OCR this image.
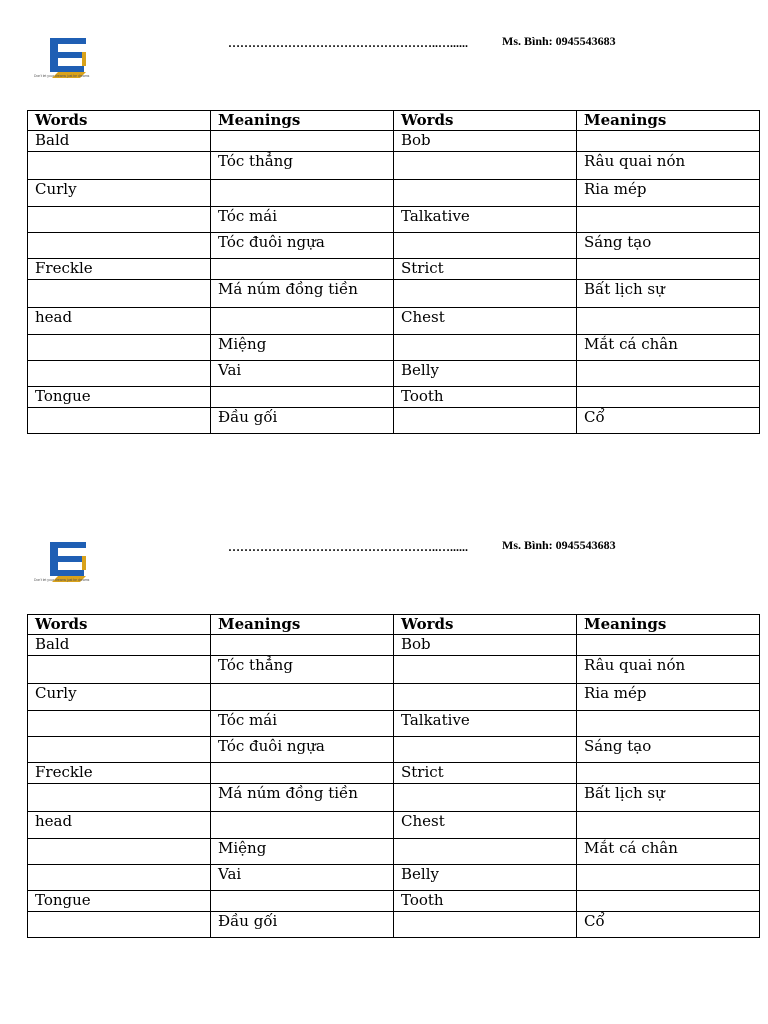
Don't let your dreams just be dreams
……………………………………………..…......	Ms. Bình: 0945543683
Words	Meanings	Words	Meanings
Bald		Bob	
	Tóc thẳng		Râu quai nón
Curly			Ria mép
	Tóc mái	Talkative	
	Tóc đuôi ngựa		Sáng tạo
Freckle		Strict	
	Má núm đồng tiền		Bất lịch sự
head		Chest	
	Miệng		Mắt cá chân
	Vai	Belly	
Tongue		Tooth	
	Đầu gối		Cổ
Don't let your dreams just be dreams
……………………………………………..…......	Ms. Bình: 0945543683
Words	Meanings	Words	Meanings
Bald		Bob	
	Tóc thẳng		Râu quai nón
Curly			Ria mép
	Tóc mái	Talkative	
	Tóc đuôi ngựa		Sáng tạo
Freckle		Strict	
	Má núm đồng tiền		Bất lịch sự
head		Chest	
	Miệng		Mắt cá chân
	Vai	Belly	
Tongue		Tooth	
	Đầu gối		Cổ
